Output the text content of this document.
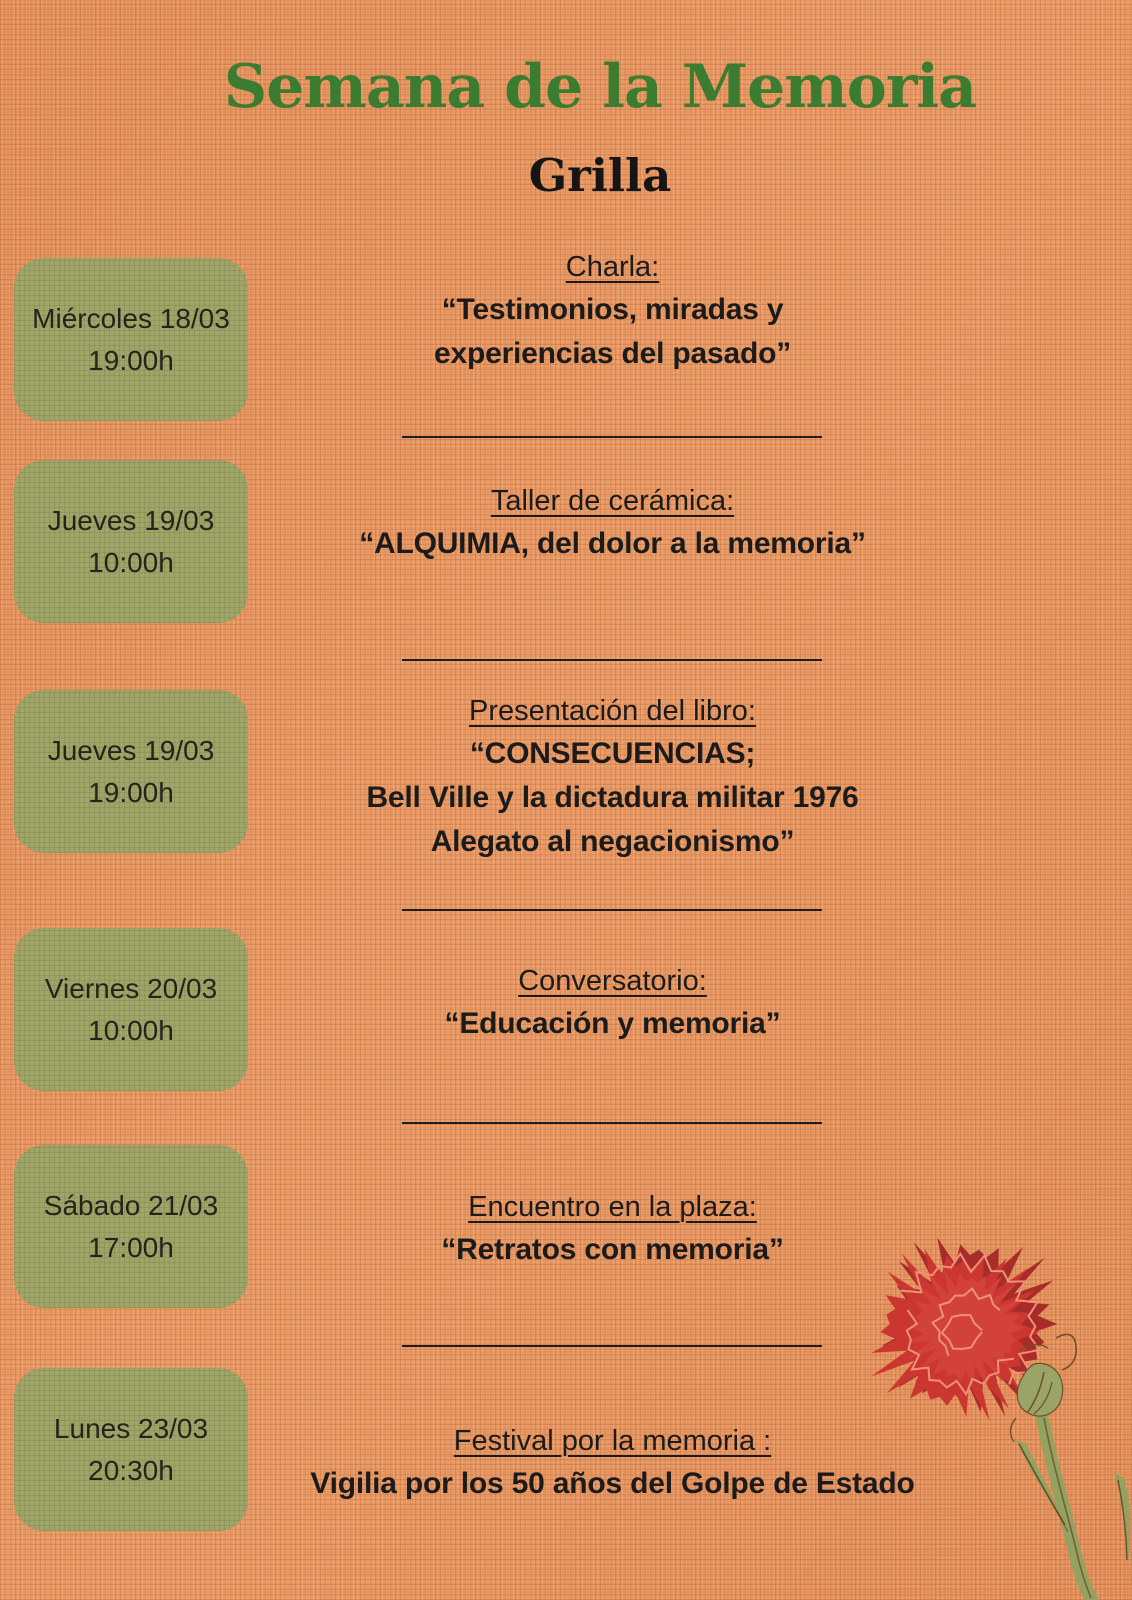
Semana de la Memoria
Grilla
Miércoles 18/03
19:00h
Charla:
“Testimonios, miradas y
experiencias del pasado”
Jueves 19/03
10:00h
Taller de cerámica:
“ALQUIMIA, del dolor a la memoria”
Jueves 19/03
19:00h
Presentación del libro:
“CONSECUENCIAS;
Bell Ville y la dictadura militar 1976
Alegato al negacionismo”
Viernes 20/03
10:00h
Conversatorio:
“Educación y memoria”
Sábado 21/03
17:00h
Encuentro en la plaza:
“Retratos con memoria”
Lunes 23/03
20:30h
Festival por la memoria :
Vigilia por los 50 años del Golpe de Estado
